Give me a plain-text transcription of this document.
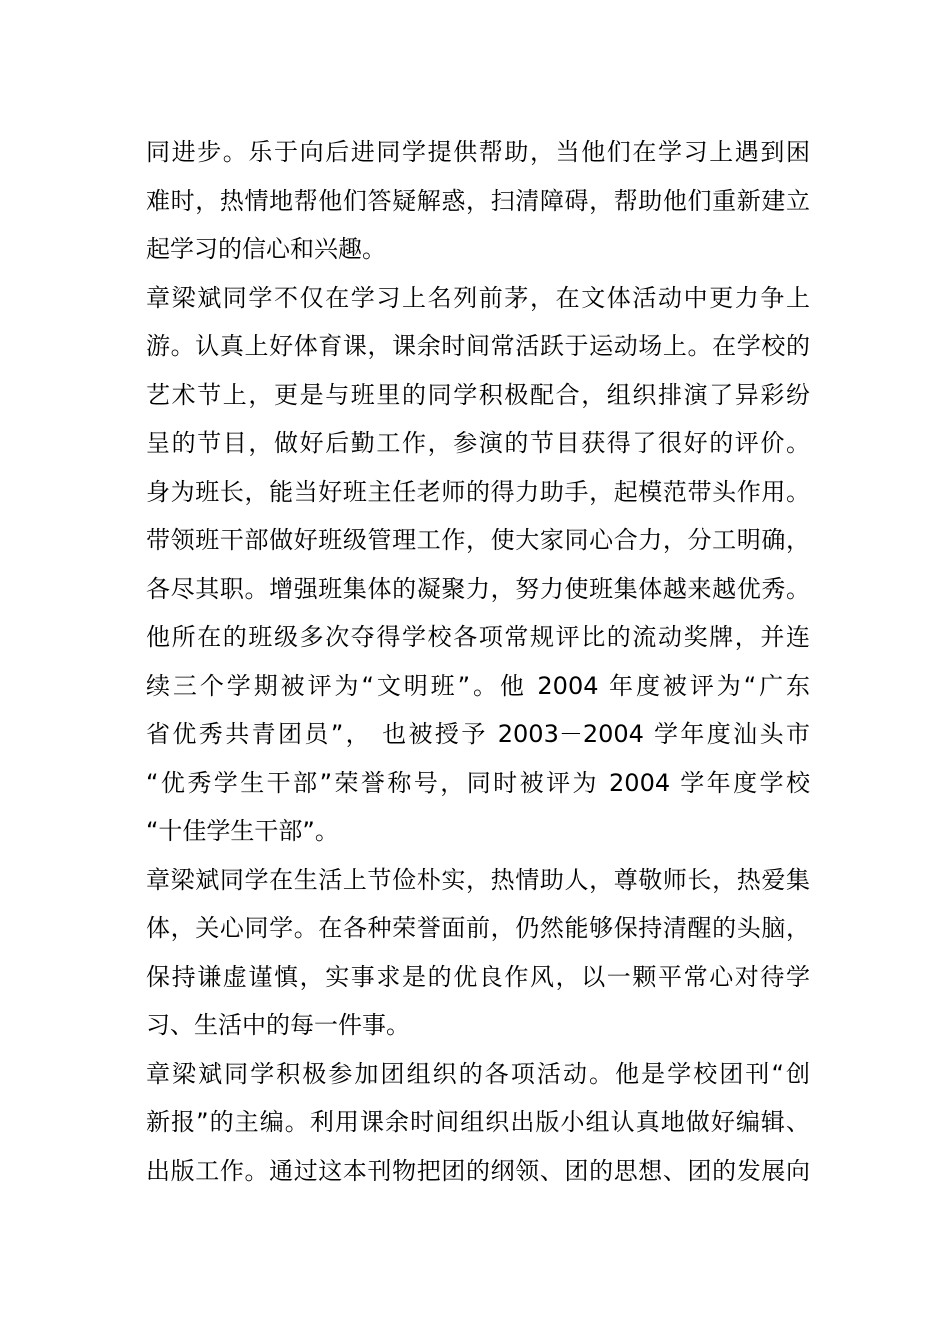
同进步。乐于向后进同学提供帮助，当他们在学习上遇到困
难时，热情地帮他们答疑解惑，扫清障碍，帮助他们重新建立
起学习的信心和兴趣。
章梁斌同学不仅在学习上名列前茅，在文体活动中更力争上
游。认真上好体育课，课余时间常活跃于运动场上。在学校的
艺术节上，更是与班里的同学积极配合，组织排演了异彩纷
呈的节目，做好后勤工作，参演的节目获得了很好的评价。
身为班长，能当好班主任老师的得力助手，起模范带头作用。
带领班干部做好班级管理工作，使大家同心合力，分工明确，
各尽其职。增强班集体的凝聚力，努力使班集体越来越优秀。
他所在的班级多次夺得学校各项常规评比的流动奖牌，并连
续三个学期被评为“文明班”。他 2004 年度被评为“广东
省优秀共青团员”， 也被授予 2003－2004 学年度汕头市
“优秀学生干部”荣誉称号，同时被评为 2004 学年度学校
“十佳学生干部”。
章梁斌同学在生活上节俭朴实，热情助人，尊敬师长，热爱集
体，关心同学。在各种荣誉面前，仍然能够保持清醒的头脑，
保持谦虚谨慎，实事求是的优良作风，以一颗平常心对待学
习、生活中的每一件事。
章梁斌同学积极参加团组织的各项活动。他是学校团刊“创
新报”的主编。利用课余时间组织出版小组认真地做好编辑、
出版工作。通过这本刊物把团的纲领、团的思想、团的发展向
